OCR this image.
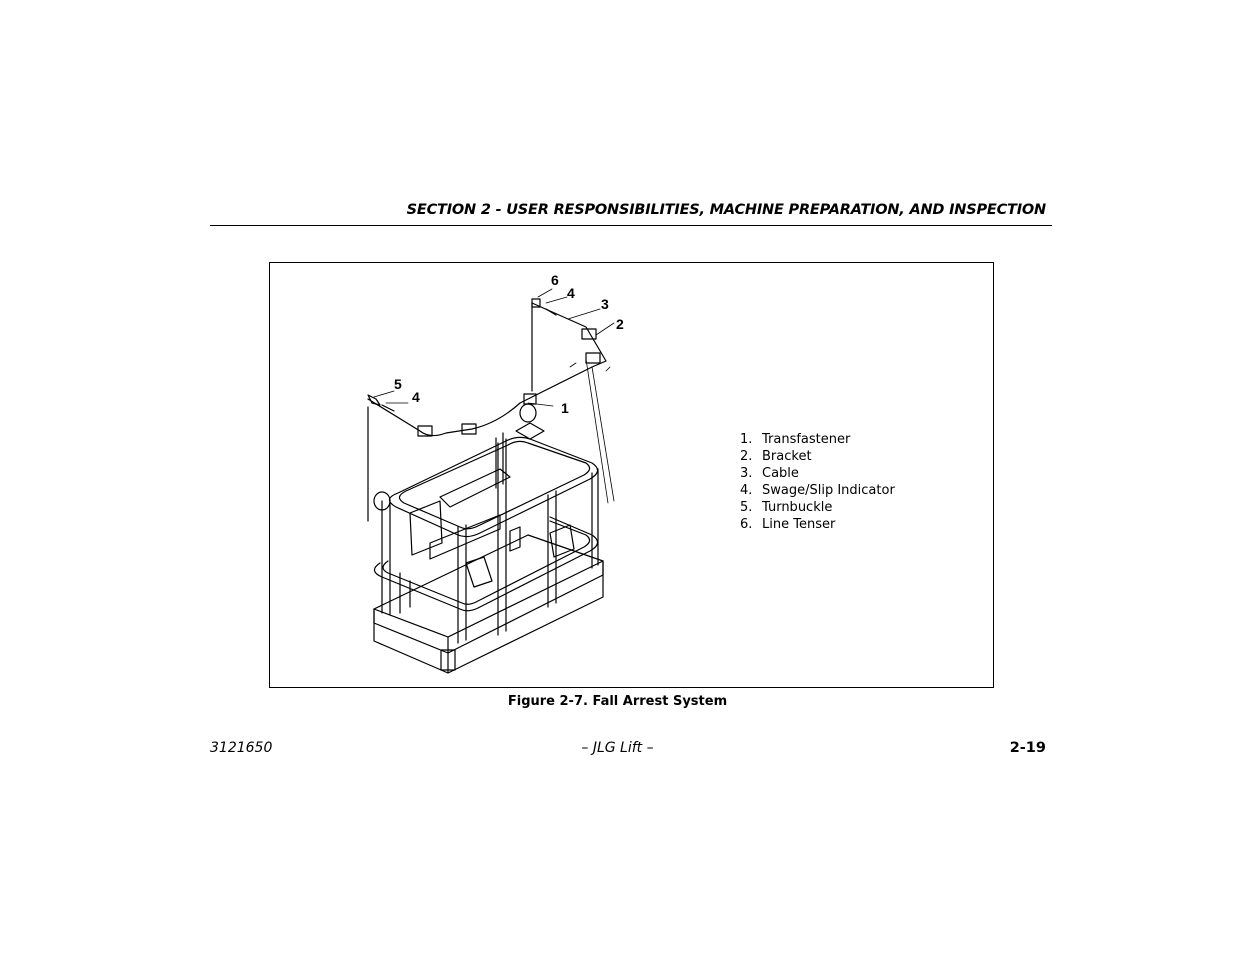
SECTION 2 - USER RESPONSIBILITIES, MACHINE PREPARATION, AND INSPECTION
1
2
3
4
6
5
4
1. Transfastener
2. Bracket
3. Cable
4. Swage/Slip Indicator
5. Turnbuckle
6. Line Tenser
Figure 2-7. Fall Arrest System
3121650	– JLG Lift –	2-19
